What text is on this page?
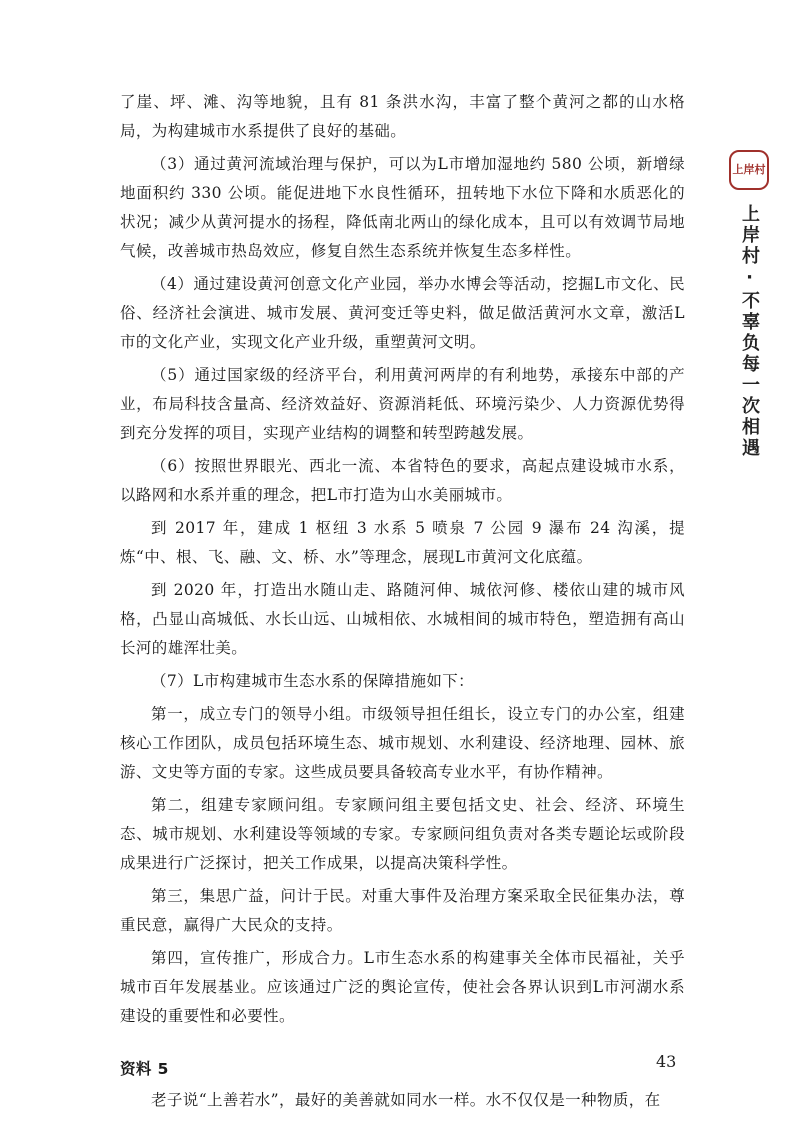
了崖、坪、滩、沟等地貌，且有 81 条洪水沟，丰富了整个黄河之都的山水格局，为构建城市水系提供了良好的基础。

（3）通过黄河流域治理与保护，可以为L市增加湿地约 580 公顷，新增绿地面积约 330 公顷。能促进地下水良性循环，扭转地下水位下降和水质恶化的状况；减少从黄河提水的扬程，降低南北两山的绿化成本，且可以有效调节局地气候，改善城市热岛效应，修复自然生态系统并恢复生态多样性。

（4）通过建设黄河创意文化产业园，举办水博会等活动，挖掘L市文化、民俗、经济社会演进、城市发展、黄河变迁等史料，做足做活黄河水文章，激活L市的文化产业，实现文化产业升级，重塑黄河文明。

（5）通过国家级的经济平台，利用黄河两岸的有利地势，承接东中部的产业，布局科技含量高、经济效益好、资源消耗低、环境污染少、人力资源优势得到充分发挥的项目，实现产业结构的调整和转型跨越发展。

（6）按照世界眼光、西北一流、本省特色的要求，高起点建设城市水系，以路网和水系并重的理念，把L市打造为山水美丽城市。

到 2017 年，建成 1 枢纽 3 水系 5 喷泉 7 公园 9 瀑布 24 沟溪，提炼“中、根、飞、融、文、桥、水”等理念，展现L市黄河文化底蕴。

到 2020 年，打造出水随山走、路随河伸、城依河修、楼依山建的城市风格，凸显山高城低、水长山远、山城相依、水城相间的城市特色，塑造拥有高山长河的雄浑壮美。

（7）L市构建城市生态水系的保障措施如下：

第一，成立专门的领导小组。市级领导担任组长，设立专门的办公室，组建核心工作团队，成员包括环境生态、城市规划、水利建设、经济地理、园林、旅游、文史等方面的专家。这些成员要具备较高专业水平，有协作精神。

第二，组建专家顾问组。专家顾问组主要包括文史、社会、经济、环境生态、城市规划、水利建设等领域的专家。专家顾问组负责对各类专题论坛或阶段成果进行广泛探讨，把关工作成果，以提高决策科学性。

第三，集思广益，问计于民。对重大事件及治理方案采取全民征集办法，尊重民意，赢得广大民众的支持。

第四，宣传推广，形成合力。L市生态水系的构建事关全体市民福祉，关乎城市百年发展基业。应该通过广泛的舆论宣传，使社会各界认识到L市河湖水系建设的重要性和必要性。

资料 5

老子说“上善若水”，最好的美善就如同水一样。水不仅仅是一种物质，在

上岸村
上岸村·不辜负每一次相遇
43
